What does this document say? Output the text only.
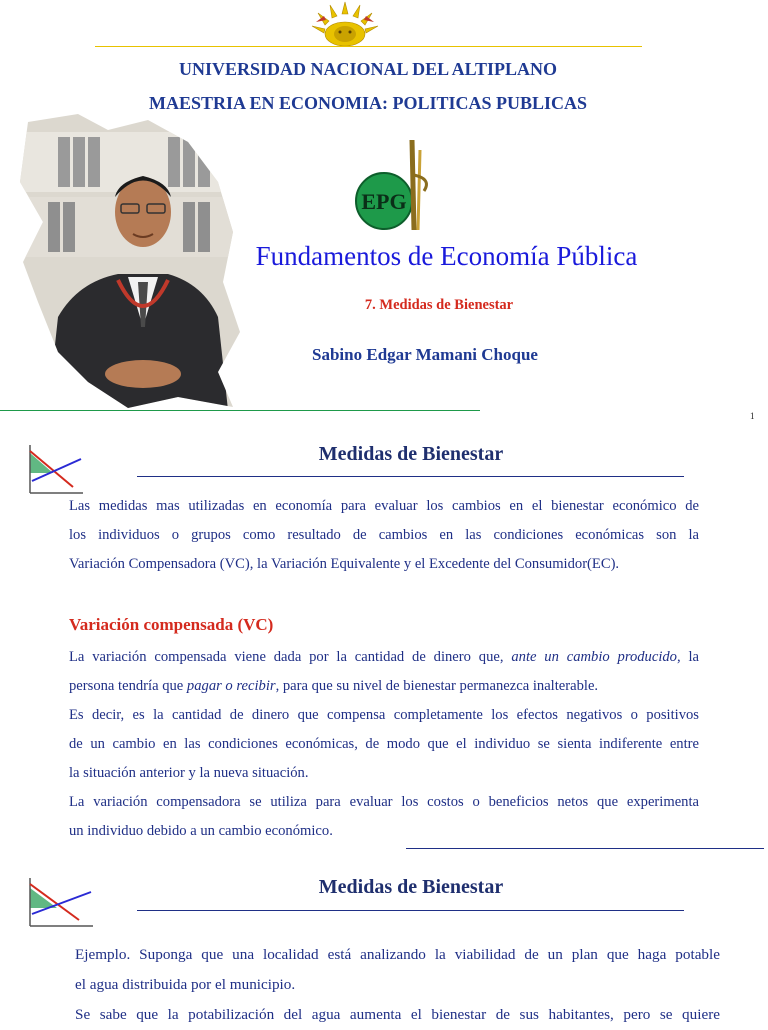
UNIVERSIDAD NACIONAL DEL ALTIPLANO
MAESTRIA EN ECONOMIA: POLITICAS PUBLICAS
EPG
Fundamentos de Economía Pública
7. Medidas de Bienestar
Sabino Edgar Mamani Choque
1
Medidas de Bienestar
Las medidas mas utilizadas en economía para evaluar los cambios en el bienestar económico de
los individuos o grupos como resultado de cambios en las condiciones económicas son la
Variación Compensadora (VC), la Variación Equivalente y el Excedente del Consumidor(EC).
Variación compensada (VC)
La variación compensada viene dada por la cantidad de dinero que, ante un cambio producido, la
persona tendría que pagar o recibir, para que su nivel de bienestar permanezca inalterable.
Es decir, es la cantidad de dinero que compensa completamente los efectos negativos o positivos
de un cambio en las condiciones económicas, de modo que el individuo se sienta indiferente entre
la situación anterior y la nueva situación.
La variación compensadora se utiliza para evaluar los costos o beneficios netos que experimenta
un individuo debido a un cambio económico.
Medidas de Bienestar
Ejemplo. Suponga que una localidad está analizando la viabilidad de un plan que haga potable
el agua distribuida por el municipio.
Se sabe que la potabilización del agua aumenta el bienestar de sus habitantes, pero se quiere
